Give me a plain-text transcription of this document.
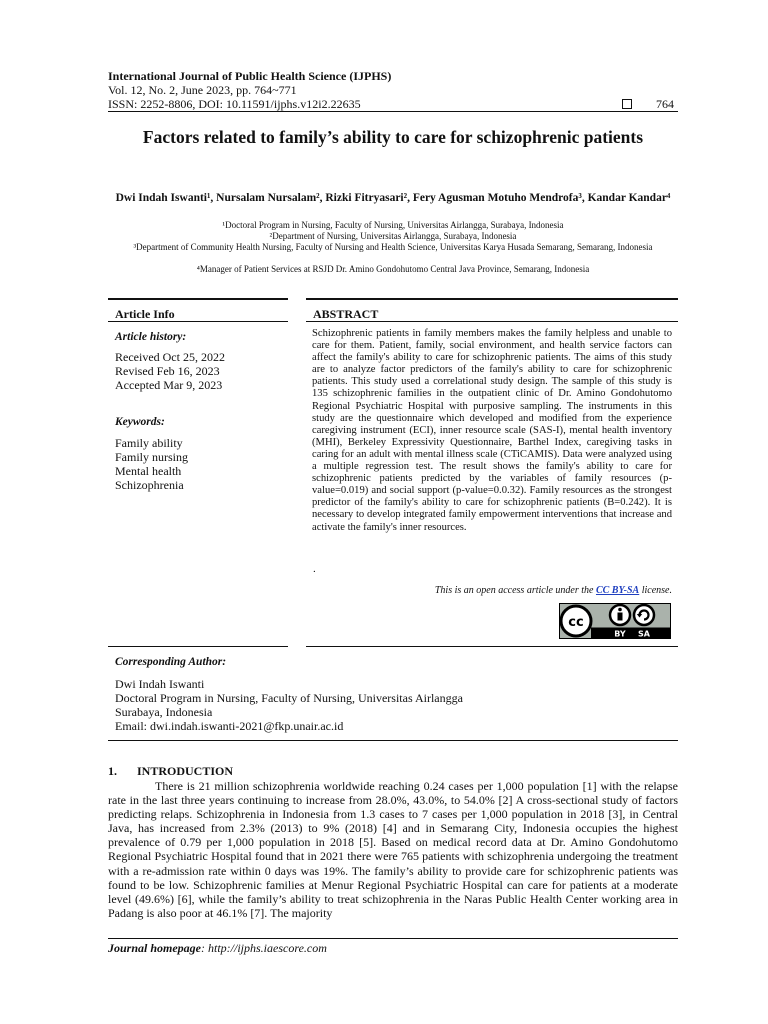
International Journal of Public Health Science (IJPHS)
Vol. 12, No. 2, June 2023, pp. 764~771
ISSN: 2252-8806, DOI: 10.11591/ijphs.v12i2.22635	764
Factors related to family’s ability to care for schizophrenic patients
Dwi Indah Iswanti¹, Nursalam Nursalam², Rizki Fitryasari², Fery Agusman Motuho Mendrofa³, Kandar Kandar⁴
¹Doctoral Program in Nursing, Faculty of Nursing, Universitas Airlangga, Surabaya, Indonesia
²Department of Nursing, Universitas Airlangga, Surabaya, Indonesia
³Department of Community Health Nursing, Faculty of Nursing and Health Science, Universitas Karya Husada Semarang, Semarang, Indonesia
⁴Manager of Patient Services at RSJD Dr. Amino Gondohutomo Central Java Province, Semarang, Indonesia
Article Info
Article history:
Received Oct 25, 2022
Revised Feb 16, 2023
Accepted Mar 9, 2023
Keywords:
Family ability
Family nursing
Mental health
Schizophrenia
ABSTRACT

Schizophrenic patients in family members makes the family helpless and unable to care for them. Patient, family, social environment, and health service factors can affect the family's ability to care for schizophrenic patients. The aims of this study are to analyze factor predictors of the family's ability to care for schizophrenic patients. This study used a correlational study design. The sample of this study is 135 schizophrenic families in the outpatient clinic of Dr. Amino Gondohutomo Regional Psychiatric Hospital with purposive sampling. The instruments in this study are the questionnaire which developed and modified from the experience caregiving instrument (ECI), inner resource scale (SAS-I), mental health inventory (MHI), Berkeley Expressivity Questionnaire, Barthel Index, caregiving tasks in caring for an adult with mental illness scale (CTiCAMIS). Data were analyzed using a multiple regression test. The result shows the family's ability to care for schizophrenic patients predicted by the variables of family resources (p-value=0.019) and social support (p-value=0.0.32). Family resources as the strongest predictor of the family's ability to care for schizophrenic patients (B=0.242). It is necessary to develop integrated family empowerment interventions that increase and activate the family's inner resources.

.
This is an open access article under the CC BY-SA license.
cc
BY SA
Corresponding Author:
Dwi Indah Iswanti
Doctoral Program in Nursing, Faculty of Nursing, Universitas Airlangga
Surabaya, Indonesia
Email: dwi.indah.iswanti-2021@fkp.unair.ac.id
1. INTRODUCTION

There is 21 million schizophrenia worldwide reaching 0.24 cases per 1,000 population [1] with the relapse rate in the last three years continuing to increase from 28.0%, 43.0%, to 54.0% [2] A cross-sectional study of factors predicting relaps. Schizophrenia in Indonesia from 1.3 cases to 7 cases per 1,000 population in 2018 [3], in Central Java, has increased from 2.3% (2013) to 9% (2018) [4] and in Semarang City, Indonesia occupies the highest prevalence of 0.79 per 1,000 population in 2018 [5]. Based on medical record data at Dr. Amino Gondohutomo Regional Psychiatric Hospital found that in 2021 there were 765 patients with schizophrenia undergoing the treatment with a re-admission rate within 0 days was 19%. The family’s ability to provide care for schizophrenic patients was found to be low. Schizophrenic families at Menur Regional Psychiatric Hospital can care for patients at a moderate level (49.6%) [6], while the family’s ability to treat schizophrenia in the Naras Public Health Center working area in Padang is also poor at 46.1% [7]. The majority

Journal homepage: http://ijphs.iaescore.com
